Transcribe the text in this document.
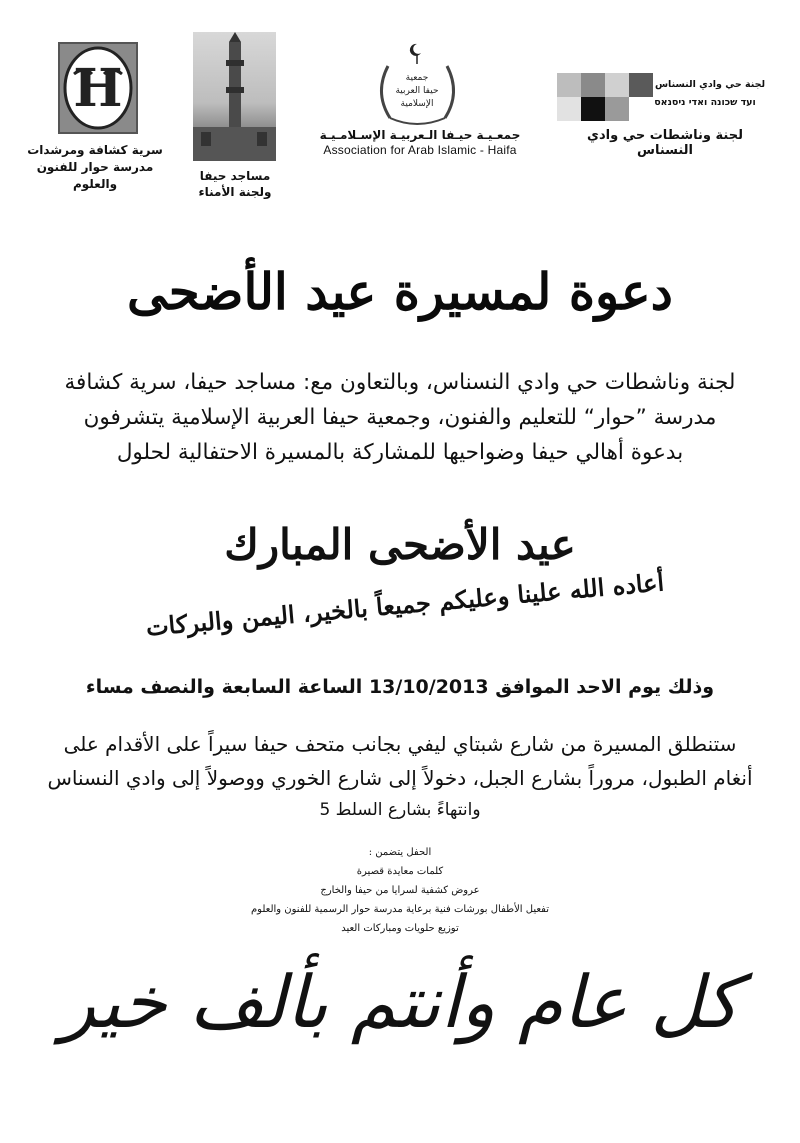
H
سرية كشافة ومرشدات
مدرسة حوار للفنون
والعلوم
مساجد حيفا
ولجنة الأمناء
جمعية
حيفا العربية
الإسلامية
جمعـيـة حيـفا الـعربيـة الإسـلامـيـة
Association for Arab Islamic - Haifa
لجنة حي وادي النسناس
ועד שכונה ואדי ניסנאס
لجنة وناشطات حي وادي النسناس
دعوة لمسيرة عيد الأضحى
لجنة وناشطات حي وادي النسناس، وبالتعاون مع: مساجد حيفا، سرية كشافة
مدرسة ”حوار“ للتعليم والفنون، وجمعية حيفا العربية الإسلامية يتشرفون
بدعوة أهالي حيفا وضواحيها للمشاركة بالمسيرة الاحتفالية لحلول
عيد الأضحى المبارك
أعاده الله علينا وعليكم جميعاً بالخير، اليمن والبركات
وذلك يوم الاحد الموافق 13/10/2013 الساعة السابعة والنصف مساء
ستنطلق المسيرة من شارع شبتاي ليفي بجانب متحف حيفا سيراً على الأقدام على
أنغام الطبول، مروراً بشارع الجبل، دخولاً إلى شارع الخوري ووصولاً إلى وادي النسناس
وانتهاءً بشارع السلط 5
الحفل يتضمن :
كلمات معايدة قصيرة
عروض كشفية لسرايا من حيفا والخارج
تفعيل الأطفال بورشات فنية برعاية مدرسة حوار الرسمية للفنون والعلوم
توزيع حلويات ومباركات العيد
كل عام وأنتم بألف خير
